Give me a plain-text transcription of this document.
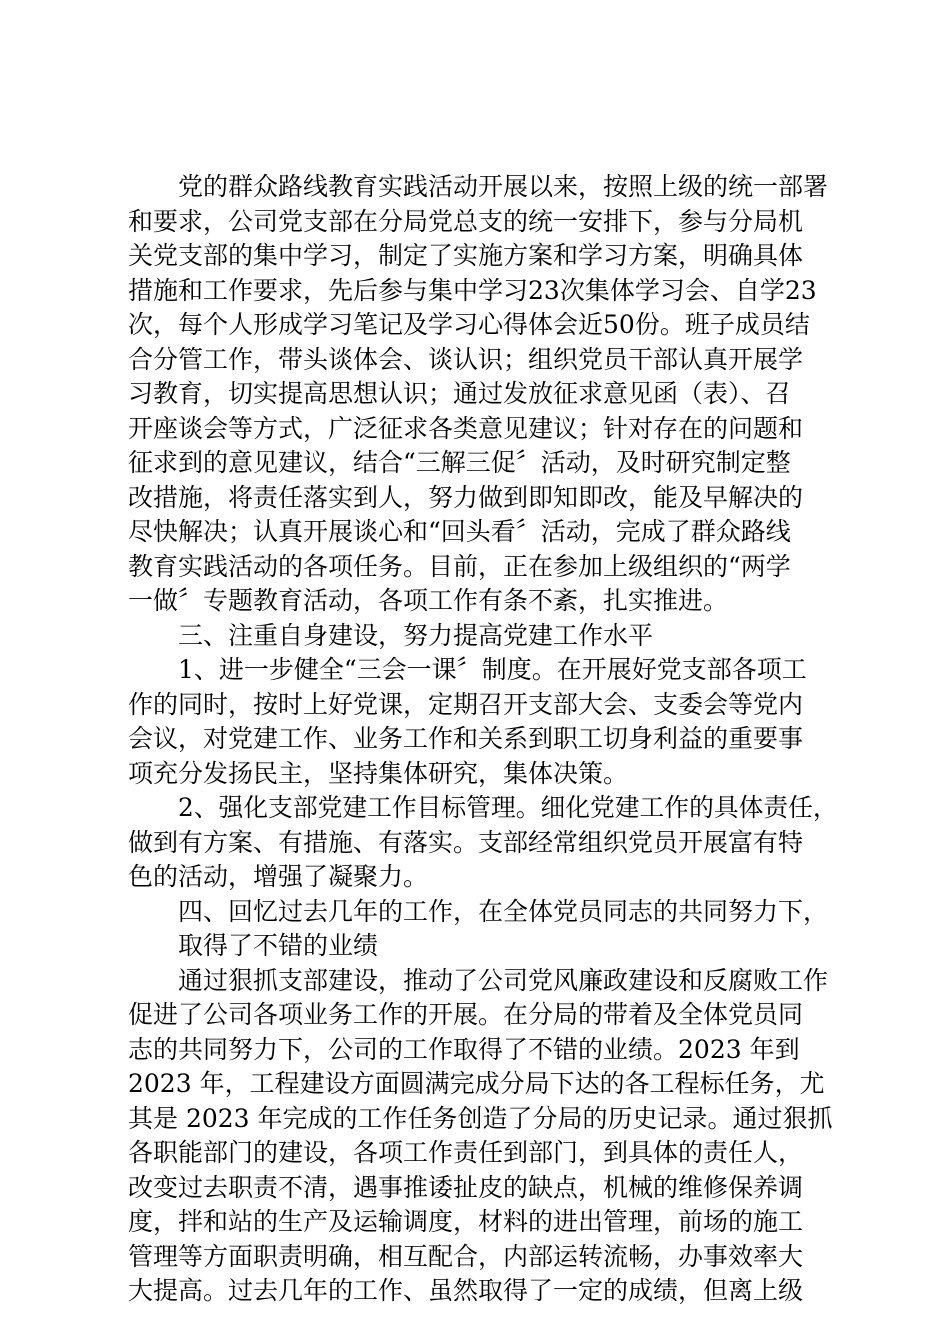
党的群众路线教育实践活动开展以来，按照上级的统一部署
和要求，公司党支部在分局党总支的统一安排下，参与分局机
关党支部的集中学习，制定了实施方案和学习方案，明确具体
措施和工作要求，先后参与集中学习23次集体学习会、自学23
次，每个人形成学习笔记及学习心得体会近50份。班子成员结
合分管工作，带头谈体会、谈认识；组织党员干部认真开展学
习教育，切实提高思想认识；通过发放征求意见函（表）、召
开座谈会等方式，广泛征求各类意见建议；针对存在的问题和
征求到的意见建议，结合“三解三促〞活动，及时研究制定整
改措施，将责任落实到人，努力做到即知即改，能及早解决的
尽快解决；认真开展谈心和“回头看〞活动，完成了群众路线
教育实践活动的各项任务。目前，正在参加上级组织的“两学
一做〞专题教育活动，各项工作有条不紊，扎实推进。
三、注重自身建设，努力提高党建工作水平
1、进一步健全“三会一课〞制度。在开展好党支部各项工
作的同时，按时上好党课，定期召开支部大会、支委会等党内
会议，对党建工作、业务工作和关系到职工切身利益的重要事
项充分发扬民主，坚持集体研究，集体决策。
2、强化支部党建工作目标管理。细化党建工作的具体责任，
做到有方案、有措施、有落实。支部经常组织党员开展富有特
色的活动，增强了凝聚力。
四、回忆过去几年的工作，在全体党员同志的共同努力下，
取得了不错的业绩
通过狠抓支部建设，推动了公司党风廉政建设和反腐败工作
促进了公司各项业务工作的开展。在分局的带着及全体党员同
志的共同努力下，公司的工作取得了不错的业绩。2023 年到
2023 年，工程建设方面圆满完成分局下达的各工程标任务，尤
其是 2023 年完成的工作任务创造了分局的历史记录。通过狠抓
各职能部门的建设，各项工作责任到部门，到具体的责任人，
改变过去职责不清，遇事推诿扯皮的缺点，机械的维修保养调
度，拌和站的生产及运输调度，材料的进出管理，前场的施工
管理等方面职责明确，相互配合，内部运转流畅，办事效率大
大提高。过去几年的工作、虽然取得了一定的成绩，但离上级
